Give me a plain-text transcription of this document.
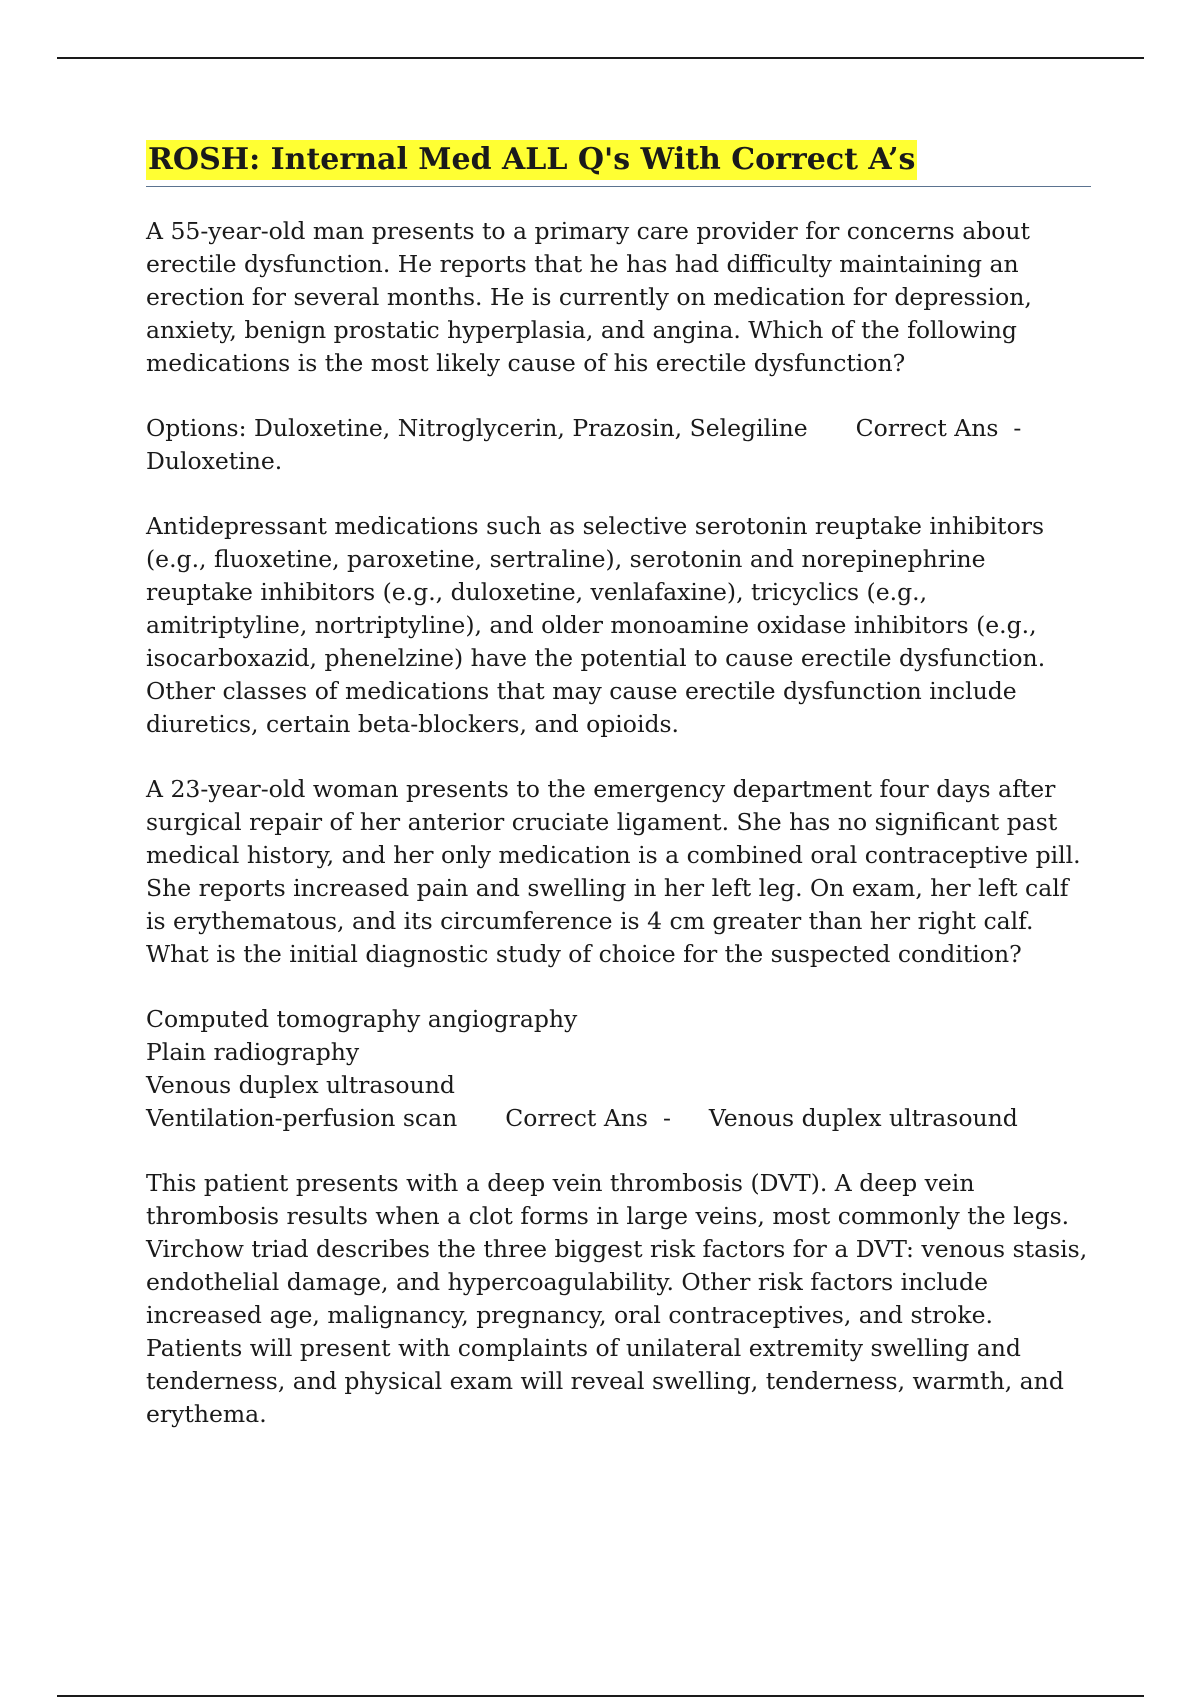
ROSH: Internal Med ALL Q's With Correct A’s

A 55-year-old man presents to a primary care provider for concerns about erectile dysfunction. He reports that he has had difficulty maintaining an erection for several months. He is currently on medication for depression, anxiety, benign prostatic hyperplasia, and angina. Which of the following medications is the most likely cause of his erectile dysfunction?

Options: Duloxetine, Nitroglycerin, Prazosin, Selegiline Correct Ans -
Duloxetine.

Antidepressant medications such as selective serotonin reuptake inhibitors (e.g., fluoxetine, paroxetine, sertraline), serotonin and norepinephrine reuptake inhibitors (e.g., duloxetine, venlafaxine), tricyclics (e.g., amitriptyline, nortriptyline), and older monoamine oxidase inhibitors (e.g., isocarboxazid, phenelzine) have the potential to cause erectile dysfunction. Other classes of medications that may cause erectile dysfunction include diuretics, certain beta-blockers, and opioids.

A 23-year-old woman presents to the emergency department four days after surgical repair of her anterior cruciate ligament. She has no significant past medical history, and her only medication is a combined oral contraceptive pill. She reports increased pain and swelling in her left leg. On exam, her left calf is erythematous, and its circumference is 4 cm greater than her right calf. What is the initial diagnostic study of choice for the suspected condition?

Computed tomography angiography
Plain radiography
Venous duplex ultrasound
Ventilation-perfusion scan Correct Ans - Venous duplex ultrasound

This patient presents with a deep vein thrombosis (DVT). A deep vein thrombosis results when a clot forms in large veins, most commonly the legs. Virchow triad describes the three biggest risk factors for a DVT: venous stasis, endothelial damage, and hypercoagulability. Other risk factors include increased age, malignancy, pregnancy, oral contraceptives, and stroke. Patients will present with complaints of unilateral extremity swelling and tenderness, and physical exam will reveal swelling, tenderness, warmth, and erythema.
